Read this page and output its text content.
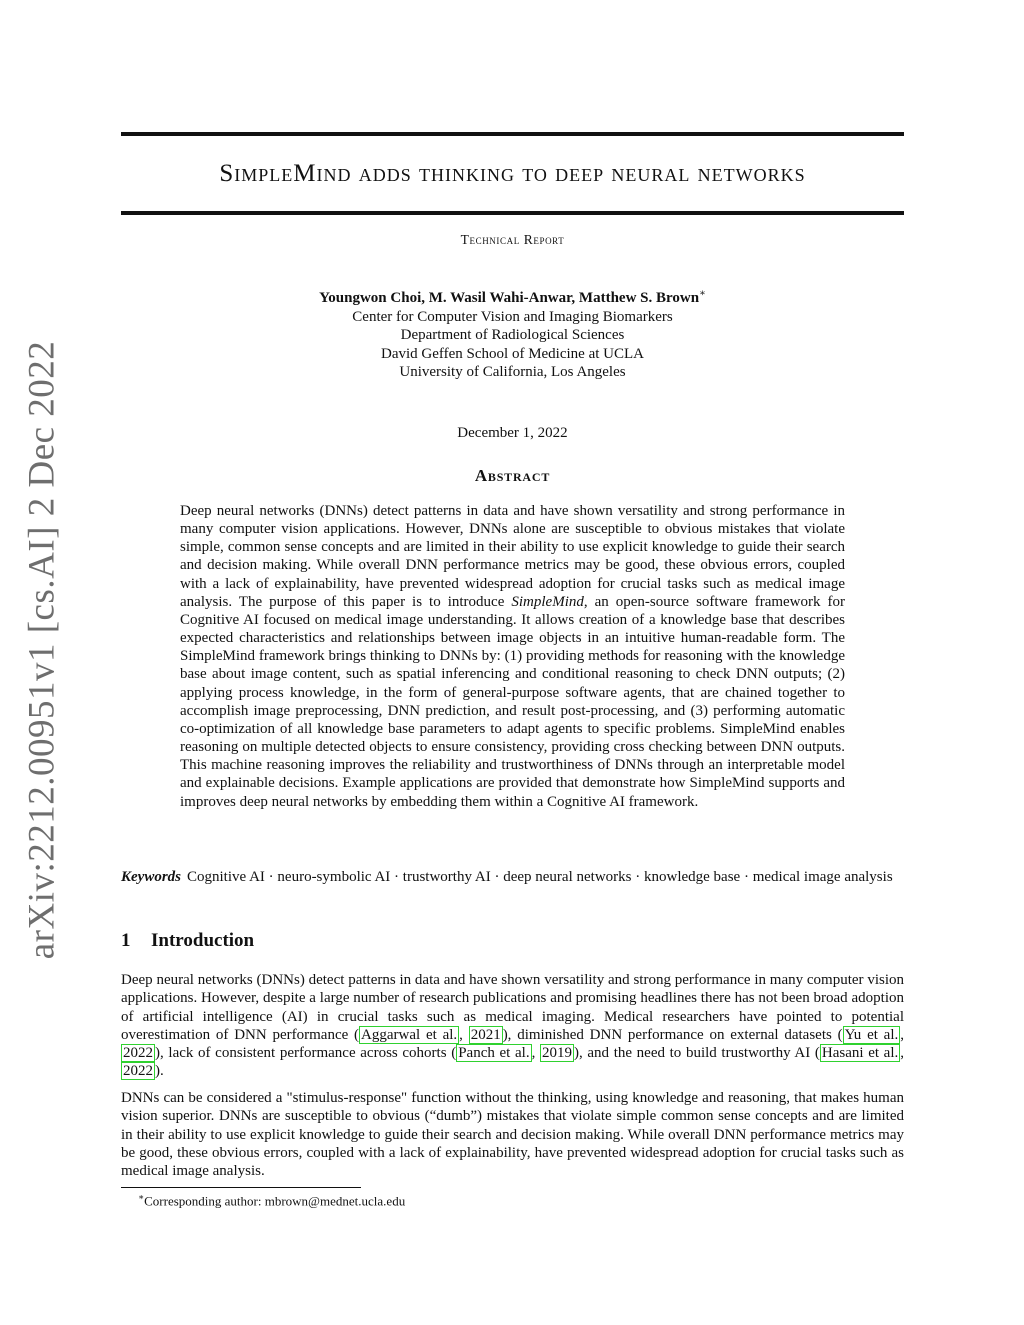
arXiv:2212.00951v1 [cs.AI] 2 Dec 2022
SimpleMind adds thinking to deep neural networks
Technical Report
Youngwon Choi, M. Wasil Wahi-Anwar, Matthew S. Brown∗
Center for Computer Vision and Imaging Biomarkers
Department of Radiological Sciences
David Geffen School of Medicine at UCLA
University of California, Los Angeles
December 1, 2022
Abstract
Deep neural networks (DNNs) detect patterns in data and have shown versatility and strong performance in many computer vision applications. However, DNNs alone are susceptible to obvious mistakes that violate simple, common sense concepts and are limited in their ability to use explicit knowledge to guide their search and decision making. While overall DNN performance metrics may be good, these obvious errors, coupled with a lack of explainability, have prevented widespread adoption for crucial tasks such as medical image analysis. The purpose of this paper is to introduce SimpleMind, an open-source software framework for Cognitive AI focused on medical image understanding. It allows creation of a knowledge base that describes expected characteristics and relationships between image objects in an intuitive human-readable form. The SimpleMind framework brings thinking to DNNs by: (1) providing methods for reasoning with the knowledge base about image content, such as spatial inferencing and conditional reasoning to check DNN outputs; (2) applying process knowledge, in the form of general-purpose software agents, that are chained together to accomplish image preprocessing, DNN prediction, and result post-processing, and (3) performing automatic co-optimization of all knowledge base parameters to adapt agents to specific problems. SimpleMind enables reasoning on multiple detected objects to ensure consistency, providing cross checking between DNN outputs. This machine reasoning improves the reliability and trustworthiness of DNNs through an interpretable model and explainable decisions. Example applications are provided that demonstrate how SimpleMind supports and improves deep neural networks by embedding them within a Cognitive AI framework.
Keywords Cognitive AI · neuro-symbolic AI · trustworthy AI · deep neural networks · knowledge base · medical image analysis
1 Introduction
Deep neural networks (DNNs) detect patterns in data and have shown versatility and strong performance in many computer vision applications. However, despite a large number of research publications and promising headlines there has not been broad adoption of artificial intelligence (AI) in crucial tasks such as medical imaging. Medical researchers have pointed to potential overestimation of DNN performance ( Aggarwal et al. , 2021 ), diminished DNN performance on external datasets ( Yu et al. , 2022 ), lack of consistent performance across cohorts ( Panch et al. , 2019 ), and the need to build trustworthy AI ( Hasani et al. , 2022 ).
DNNs can be considered a "stimulus-response" function without the thinking, using knowledge and reasoning, that makes human vision superior. DNNs are susceptible to obvious (“dumb”) mistakes that violate simple common sense concepts and are limited in their ability to use explicit knowledge to guide their search and decision making. While overall DNN performance metrics may be good, these obvious errors, coupled with a lack of explainability, have prevented widespread adoption for crucial tasks such as medical image analysis.
∗Corresponding author: mbrown@mednet.ucla.edu
